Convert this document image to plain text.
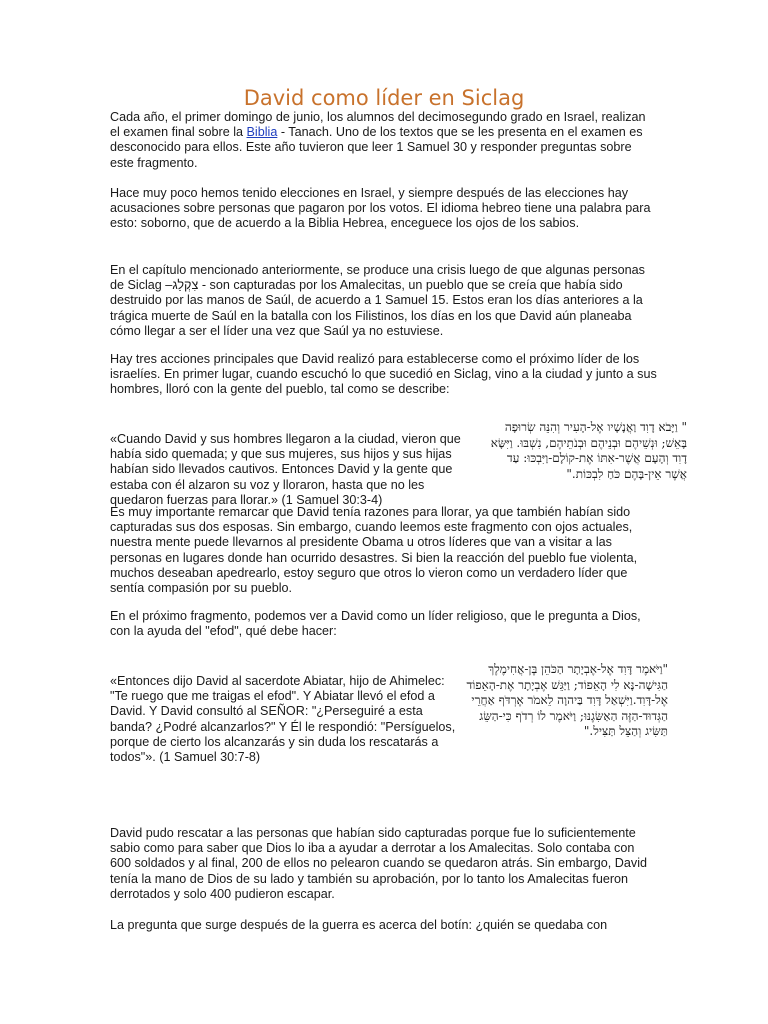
David como líder en Siclag

Cada año, el primer domingo de junio, los alumnos del decimosegundo grado en Israel, realizan el examen final sobre la Biblia - Tanach. Uno de los textos que se les presenta en el examen es desconocido para ellos. Este año tuvieron que leer 1 Samuel 30 y responder preguntas sobre este fragmento.

Hace muy poco hemos tenido elecciones en Israel, y siempre después de las elecciones hay acusaciones sobre personas que pagaron por los votos. El idioma hebreo tiene una palabra para esto: soborno, que de acuerdo a la Biblia Hebrea, enceguece los ojos de los sabios.

En el capítulo mencionado anteriormente, se produce una crisis luego de que algunas personas de Siclag –צִקְלַג - son capturadas por los Amalecitas, un pueblo que se creía que había sido destruido por las manos de Saúl, de acuerdo a 1 Samuel 15. Estos eran los días anteriores a la trágica muerte de Saúl en la batalla con los Filistinos, los días en los que David aún planeaba cómo llegar a ser el líder una vez que Saúl ya no estuviese.

Hay tres acciones principales que David realizó para establecerse como el próximo líder de los israelíes. En primer lugar, cuando escuchó lo que sucedió en Siclag, vino a la ciudad y junto a sus hombres, lloró con la gente del pueblo, tal como se describe:

«Cuando David y sus hombres llegaron a la ciudad, vieron que había sido quemada; y que sus mujeres, sus hijos y sus hijas habían sido llevados cautivos. Entonces David y la gente que estaba con él alzaron su voz y lloraron, hasta que no les quedaron fuerzas para llorar.» (1 Samuel 30:3-4)

" וַיָּבֹא דָוִד וַאֲנָשָׁיו אֶל-הָעִיר וְהִנֵּה שְׂרוּפָה בָּאֵשׁ; וּנְשֵׁיהֶם וּבְנֵיהֶם וּבְנֹתֵיהֶם, נִשְׁבּוּ. וַיִּשָּׂא דָוִד וְהָעָם אֲשֶׁר-אִתּוֹ אֶת-קוֹלָם-וַיִּבְכּוּ: עַד אֲשֶׁר אֵין-בָּהֶם כֹּחַ לִבְכּוֹת."

Es muy importante remarcar que David tenía razones para llorar, ya que también habían sido capturadas sus dos esposas. Sin embargo, cuando leemos este fragmento con ojos actuales, nuestra mente puede llevarnos al presidente Obama u otros líderes que van a visitar a las personas en lugares donde han ocurrido desastres. Si bien la reacción del pueblo fue violenta, muchos deseaban apedrearlo, estoy seguro que otros lo vieron como un verdadero líder que sentía compasión por su pueblo.

En el próximo fragmento, podemos ver a David como un líder religioso, que le pregunta a Dios, con la ayuda del "efod", qué debe hacer:

«Entonces dijo David al sacerdote Abiatar, hijo de Ahimelec: "Te ruego que me traigas el efod". Y Abiatar llevó el efod a David. Y David consultó al SEÑOR: "¿Perseguiré a esta banda? ¿Podré alcanzarlos?" Y Él le respondió: "Persíguelos, porque de cierto los alcanzarás y sin duda los rescatarás a todos"». (1 Samuel 30:7-8)

"וַיֹּאמֶר דָּוִד אֶל-אֶבְיָתָר הַכֹּהֵן בֶּן-אֲחִימֶלֶךְ הַגִּישָׁה-נָּא לִי הָאֵפוֹד; וַיַּגֵּשׁ אֶבְיָתָר אֶת-הָאֵפוֹד אֶל-דָּוִד.וַיִּשְׁאַל דָּוִד בַּיהוָה לֵאמֹר אֶרְדֹּף אַחֲרֵי הַגְּדוּד-הַזֶּה הַאַשִּׂגֶנּוּ; וַיֹּאמֶר לוֹ רְדֹף כִּי-הַשֵּׂג תַּשִּׂיג וְהַצֵּל תַּצִּיל."

David pudo rescatar a las personas que habían sido capturadas porque fue lo suficientemente sabio como para saber que Dios lo iba a ayudar a derrotar a los Amalecitas. Solo contaba con 600 soldados y al final, 200 de ellos no pelearon cuando se quedaron atrás. Sin embargo, David tenía la mano de Dios de su lado y también su aprobación, por lo tanto los Amalecitas fueron derrotados y solo 400 pudieron escapar.

La pregunta que surge después de la guerra es acerca del botín: ¿quién se quedaba con
